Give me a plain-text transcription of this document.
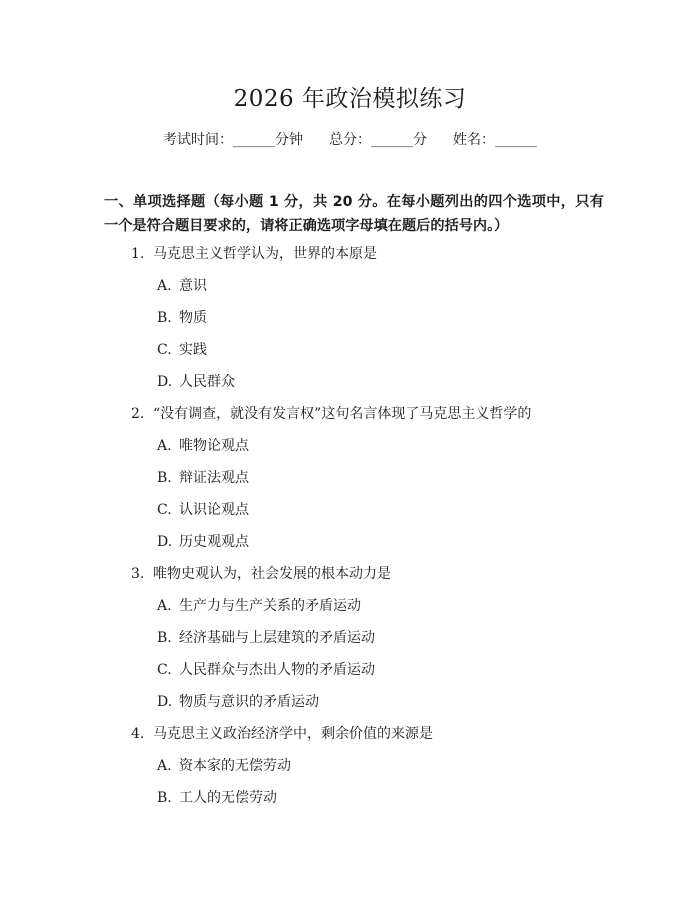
2026 年政治模拟练习
考试时间：______分钟 总分：______分 姓名：______
一、单项选择题（每小题 1 分，共 20 分。在每小题列出的四个选项中，只有一个是符合题目要求的，请将正确选项字母填在题后的括号内。）
1. 马克思主义哲学认为，世界的本原是
A. 意识
B. 物质
C. 实践
D. 人民群众
2. “没有调查，就没有发言权”这句名言体现了马克思主义哲学的
A. 唯物论观点
B. 辩证法观点
C. 认识论观点
D. 历史观观点
3. 唯物史观认为，社会发展的根本动力是
A. 生产力与生产关系的矛盾运动
B. 经济基础与上层建筑的矛盾运动
C. 人民群众与杰出人物的矛盾运动
D. 物质与意识的矛盾运动
4. 马克思主义政治经济学中，剩余价值的来源是
A. 资本家的无偿劳动
B. 工人的无偿劳动
